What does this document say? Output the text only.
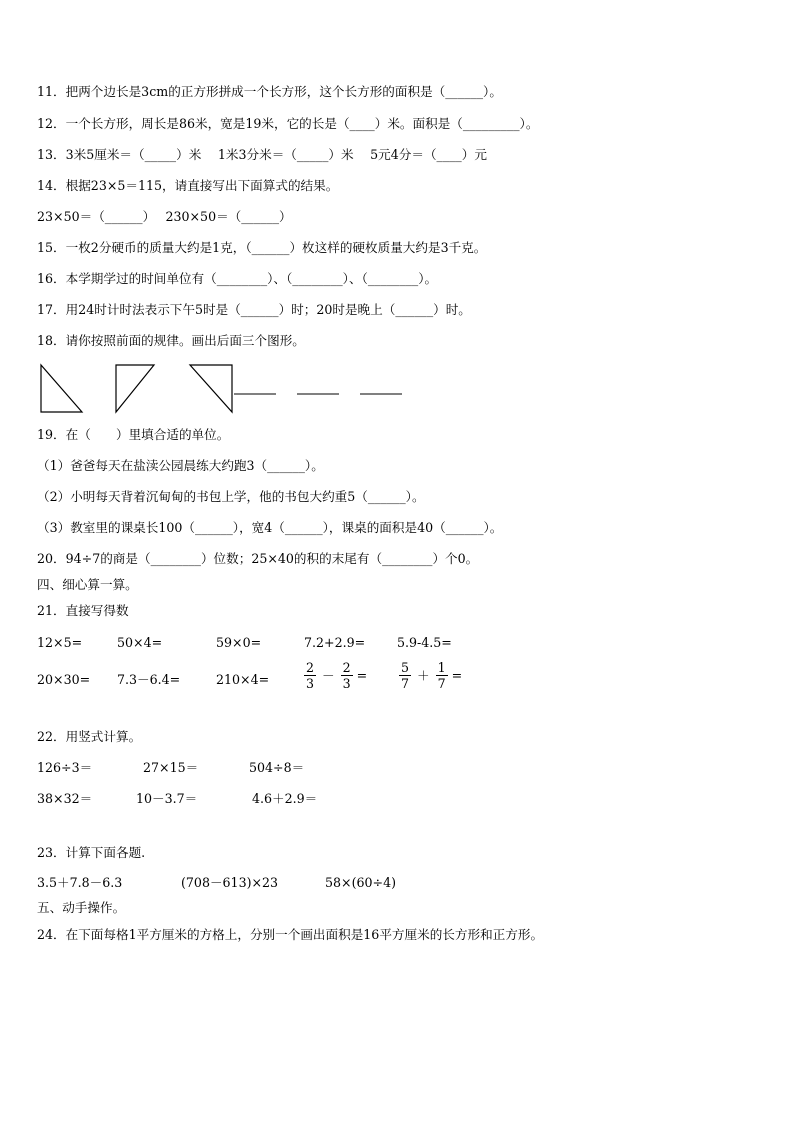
11．把两个边长是3cm的正方形拼成一个长方形，这个长方形的面积是（______）。
12．一个长方形，周长是86米，宽是19米，它的长是（____）米。面积是（_________）。
13．3米5厘米＝（_____）米　 1米3分米＝（_____）米　 5元4分＝（____）元
14．根据23×5＝115，请直接写出下面算式的结果。
23×50＝（______）　 230×50＝（______）
15．一枚2分硬币的质量大约是1克，（______）枚这样的硬枚质量大约是3千克。
16．本学期学过的时间单位有（________）、（________）、（________）。
17．用24时计时法表示下午5时是（______）时；20时是晚上（______）时。
18．请你按照前面的规律。画出后面三个图形。
19．在（　　）里填合适的单位。
（1）爸爸每天在盐渎公园晨练大约跑3（______）。
（2）小明每天背着沉甸甸的书包上学，他的书包大约重5（______）。
（3）教室里的课桌长100（______），宽4（______），课桌的面积是40（______）。
20．94÷7的商是（________）位数；25×40的积的末尾有（________）个0。
四、细心算一算。
21．直接写得数
12×5=	50×4=	59×0=	7.2+2.9=	5.9-4.5=
20×30= 7.3－6.4=	210×4=	$\frac{2}{3} - \frac{2}{3}$ =	$\frac{5}{7} + \frac{1}{7}$ =
22．用竖式计算。
126÷3＝	27×15＝	504÷8＝
38×32＝	10－3.7＝	4.6＋2.9＝
23．计算下面各题.
3.5＋7.8－6.3	(708－613)×23	58×(60÷4)
五、动手操作。
24．在下面每格1平方厘米的方格上，分别一个画出面积是16平方厘米的长方形和正方形。
